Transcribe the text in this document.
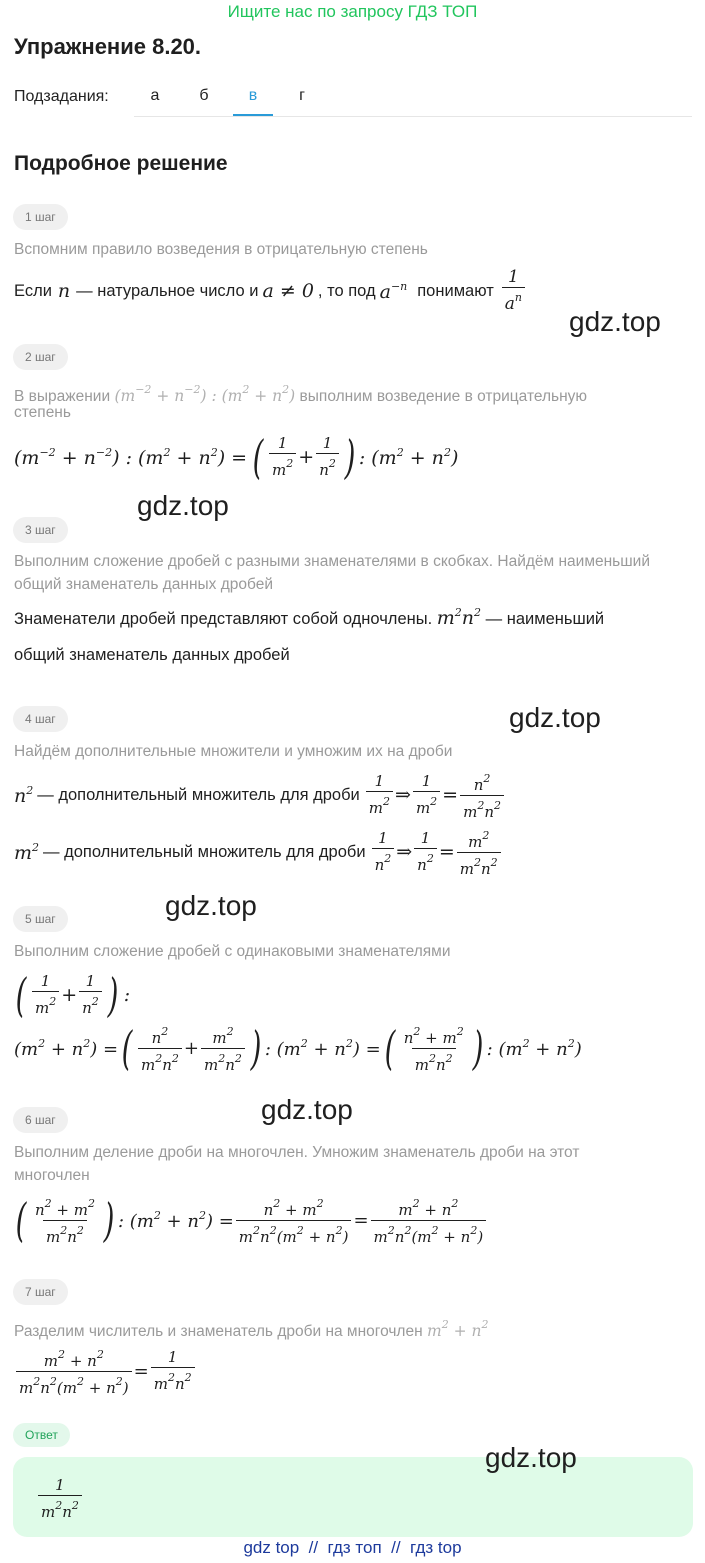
Ищите нас по запросу ГДЗ ТОП
Упражнение 8.20.
Подзадания:	а	б	в	г
Подробное решение
1 шаг
Вспомним правило возведения в отрицательную степень
Если n — натуральное число и a ≠ 0 , то под $a^{-n}$ понимают $\frac{1}{a^n}$
gdz.top
2 шаг
В выражении $(m^{-2} + n^{-2})$ : $(m^2 + n^2)$ выполним возведение в отрицательную
степень
$(m^{-2} + n^{-2})$ : $(m^2 + n^2)$ = ( $\frac{1}{m^2} + \frac{1}{n^2}$ ) : $(m^2 + n^2)$
gdz.top
3 шаг
Выполним сложение дробей с разными знаменателями в скобках. Найдём наименьший
общий знаменатель данных дробей
Знаменатели дробей представляют собой одночлены. $m^2n^2$ — наименьший
общий знаменатель данных дробей
4 шаг	gdz.top
Найдём дополнительные множители и умножим их на дроби
$n^2$ — дополнительный множитель для дроби $\frac{1}{m^2}$ ⇒ $\frac{1}{m^2} = \frac{n^2}{m^2n^2}$
$m^2$ — дополнительный множитель для дроби $\frac{1}{n^2}$ ⇒ $\frac{1}{n^2} = \frac{m^2}{m^2n^2}$
gdz.top
5 шаг
Выполним сложение дробей с одинаковыми знаменателями
( $\frac{1}{m^2} + \frac{1}{n^2}$ ) :
$(m^2 + n^2)$ = ( $\frac{n^2}{m^2n^2} + \frac{m^2}{m^2n^2}$ ) : $(m^2 + n^2)$ = ( $\frac{n^2 + m^2}{m^2n^2}$ ) : $(m^2 + n^2)$
gdz.top
6 шаг
Выполним деление дроби на многочлен. Умножим знаменатель дроби на этот
многочлен
( $\frac{n^2 + m^2}{m^2n^2}$ ) : $(m^2 + n^2) = \frac{n^2 + m^2}{m^2n^2(m^2 + n^2)} = \frac{m^2 + n^2}{m^2n^2(m^2 + n^2)}$
7 шаг
Разделим числитель и знаменатель дроби на многочлен $m^2 + n^2$
$\frac{m^2 + n^2}{m^2n^2(m^2 + n^2)} = \frac{1}{m^2n^2}$
Ответ
$\frac{1}{m^2n^2}$
gdz.top
gdz top  //  гдз топ  //  гдз top
